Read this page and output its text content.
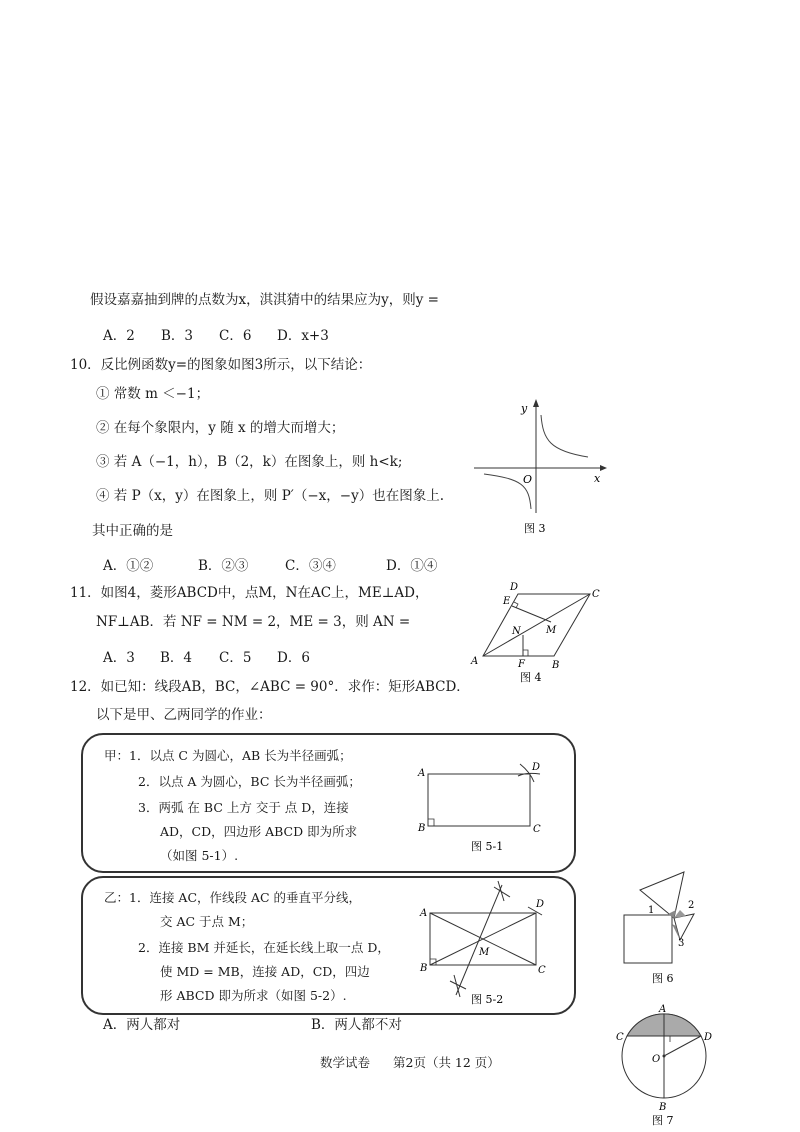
假设嘉嘉抽到牌的点数为x，淇淇猜中的结果应为y，则y =
A．2 B．3 C．6 D．x+3
10．反比例函数y=的图象如图3所示，以下结论：
① 常数 m ＜−1；
② 在每个象限内，y 随 x 的增大而增大；
③ 若 A（−1，h），B（2，k）在图象上，则 h<k;
④ 若 P（x，y）在图象上，则 P′（−x，−y）也在图象上.
其中正确的是
A．①②	B．②③	C．③④	D．①④
x
y
O
图 3
11．如图4，菱形ABCD中，点M，N在AC上，ME⊥AD，
NF⊥AB．若 NF = NM = 2，ME = 3，则 AN =
A．3 B．4 C．5 D．6	A	B
C
D
E
F
M
N
图 4
12．如已知：线段AB，BC，∠ABC = 90°．求作：矩形ABCD．
以下是甲、乙两同学的作业：
甲：1．以点 C 为圆心，AB 长为半径画弧；
2．以点 A 为圆心，BC 长为半径画弧；
3．两弧 在 BC 上方 交于 点 D，连接
AD，CD，四边形 ABCD 即为所求
（如图 5-1）.
A
B	C
D
图 5-1
乙：1．连接 AC，作线段 AC 的垂直平分线，
交 AC 于点 M；
2．连接 BM 并延长，在延长线上取一点 D，
使 MD = MB，连接 AD，CD，四边
形 ABCD 即为所求（如图 5-2）.
A
B	C
D
M
图 5-2
A．两人都对	B．两人都不对
1	2
3
图 6
A
B
C	D
O
图 7
数学试卷 第2页（共 12 页）
